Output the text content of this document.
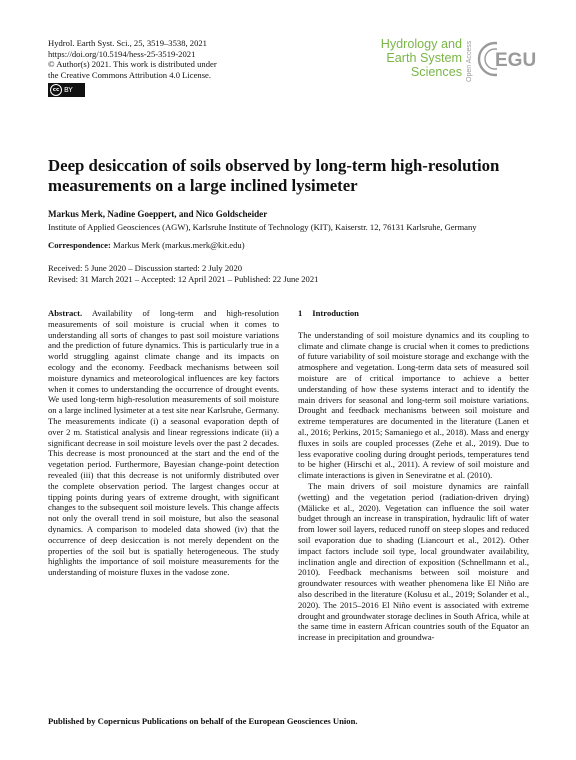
Hydrol. Earth Syst. Sci., 25, 3519–3538, 2021
https://doi.org/10.5194/hess-25-3519-2021
© Author(s) 2021. This work is distributed under
the Creative Commons Attribution 4.0 License.
cc BY
Hydrology and
Earth System
Sciences Open Access EGU
Deep desiccation of soils observed by long-term high-resolution measurements on a large inclined lysimeter
Markus Merk, Nadine Goeppert, and Nico Goldscheider
Institute of Applied Geosciences (AGW), Karlsruhe Institute of Technology (KIT), Kaiserstr. 12, 76131 Karlsruhe, Germany
Correspondence: Markus Merk (markus.merk@kit.edu)
Received: 5 June 2020 – Discussion started: 2 July 2020
Revised: 31 March 2021 – Accepted: 12 April 2021 – Published: 22 June 2021

Abstract. Availability of long-term and high-resolution measurements of soil moisture is crucial when it comes to understanding all sorts of changes to past soil moisture variations and the prediction of future dynamics. This is particularly true in a world struggling against climate change and its impacts on ecology and the economy. Feedback mechanisms between soil moisture dynamics and meteorological influences are key factors when it comes to understanding the occurrence of drought events. We used long-term high-resolution measurements of soil moisture on a large inclined lysimeter at a test site near Karlsruhe, Germany. The measurements indicate (i) a seasonal evaporation depth of over 2 m. Statistical analysis and linear regressions indicate (ii) a significant decrease in soil moisture levels over the past 2 decades. This decrease is most pronounced at the start and the end of the vegetation period. Furthermore, Bayesian change-point detection revealed (iii) that this decrease is not uniformly distributed over the complete observation period. The largest changes occur at tipping points during years of extreme drought, with significant changes to the subsequent soil moisture levels. This change affects not only the overall trend in soil moisture, but also the seasonal dynamics. A comparison to modeled data showed (iv) that the occurrence of deep desiccation is not merely dependent on the properties of the soil but is spatially heterogeneous. The study highlights the importance of soil moisture measurements for the understanding of moisture fluxes in the vadose zone.

1 Introduction

The understanding of soil moisture dynamics and its coupling to climate and climate change is crucial when it comes to predictions of future variability of soil moisture storage and exchange with the atmosphere and vegetation. Long-term data sets of measured soil moisture are of critical importance to achieve a better understanding of how these systems interact and to identify the main drivers for seasonal and long-term soil moisture variations. Drought and feedback mechanisms between soil moisture and extreme temperatures are documented in the literature (Lanen et al., 2016; Perkins, 2015; Samaniego et al., 2018). Mass and energy fluxes in soils are coupled processes (Zehe et al., 2019). Due to less evaporative cooling during drought periods, temperatures tend to be higher (Hirschi et al., 2011). A review of soil moisture and climate interactions is given in Seneviratne et al. (2010).

The main drivers of soil moisture dynamics are rainfall (wetting) and the vegetation period (radiation-driven drying) (Mälicke et al., 2020). Vegetation can influence the soil water budget through an increase in transpiration, hydraulic lift of water from lower soil layers, reduced runoff on steep slopes and reduced soil evaporation due to shading (Liancourt et al., 2012). Other impact factors include soil type, local groundwater availability, inclination angle and direction of exposition (Schnellmann et al., 2010). Feedback mechanisms between soil moisture and groundwater resources with weather phenomena like El Niño are also described in the literature (Kolusu et al., 2019; Solander et al., 2020). The 2015–2016 El Niño event is associated with extreme drought and groundwater storage declines in South Africa, while at the same time in eastern African countries south of the Equator an increase in precipitation and groundwa-

Published by Copernicus Publications on behalf of the European Geosciences Union.
